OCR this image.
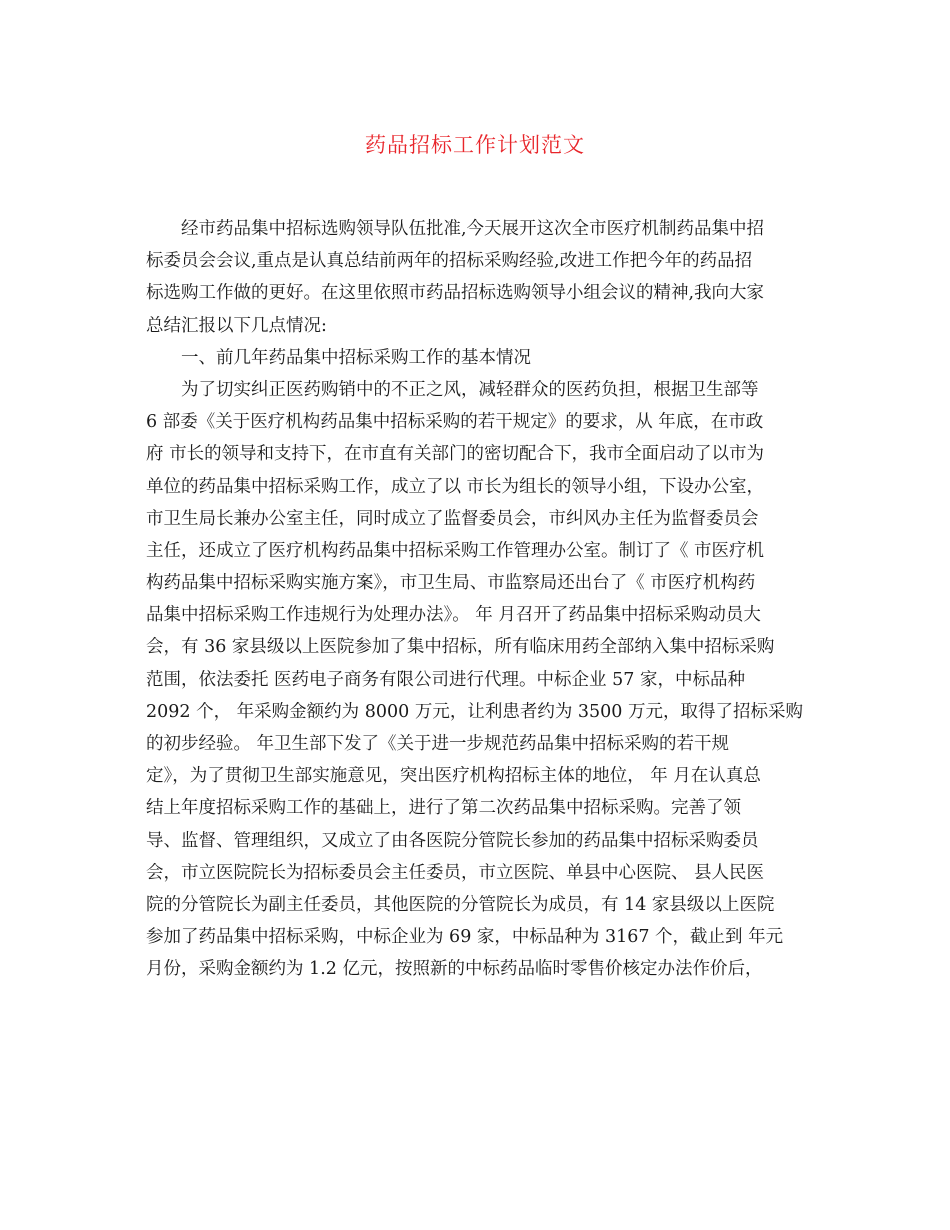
药品招标工作计划范文
经市药品集中招标选购领导队伍批准,今天展开这次全市医疗机制药品集中招
标委员会会议,重点是认真总结前两年的招标采购经验,改进工作把今年的药品招
标选购工作做的更好。在这里依照市药品招标选购领导小组会议的精神,我向大家
总结汇报以下几点情况:
一、前几年药品集中招标采购工作的基本情况
为了切实纠正医药购销中的不正之风，减轻群众的医药负担，根据卫生部等
6 部委《关于医疗机构药品集中招标采购的若干规定》的要求，从 年底，在市政
府 市长的领导和支持下，在市直有关部门的密切配合下，我市全面启动了以市为
单位的药品集中招标采购工作，成立了以 市长为组长的领导小组，下设办公室，
市卫生局长兼办公室主任，同时成立了监督委员会，市纠风办主任为监督委员会
主任，还成立了医疗机构药品集中招标采购工作管理办公室。制订了《 市医疗机
构药品集中招标采购实施方案》，市卫生局、市监察局还出台了《 市医疗机构药
品集中招标采购工作违规行为处理办法》。 年 月召开了药品集中招标采购动员大
会，有 36 家县级以上医院参加了集中招标，所有临床用药全部纳入集中招标采购
范围，依法委托 医药电子商务有限公司进行代理。中标企业 57 家，中标品种
2092 个， 年采购金额约为 8000 万元，让利患者约为 3500 万元，取得了招标采购
的初步经验。 年卫生部下发了《关于进一步规范药品集中招标采购的若干规
定》，为了贯彻卫生部实施意见，突出医疗机构招标主体的地位， 年 月在认真总
结上年度招标采购工作的基础上，进行了第二次药品集中招标采购。完善了领
导、监督、管理组织，又成立了由各医院分管院长参加的药品集中招标采购委员
会，市立医院院长为招标委员会主任委员，市立医院、单县中心医院、 县人民医
院的分管院长为副主任委员，其他医院的分管院长为成员，有 14 家县级以上医院
参加了药品集中招标采购，中标企业为 69 家，中标品种为 3167 个，截止到 年元
月份，采购金额约为 1.2 亿元，按照新的中标药品临时零售价核定办法作价后，
